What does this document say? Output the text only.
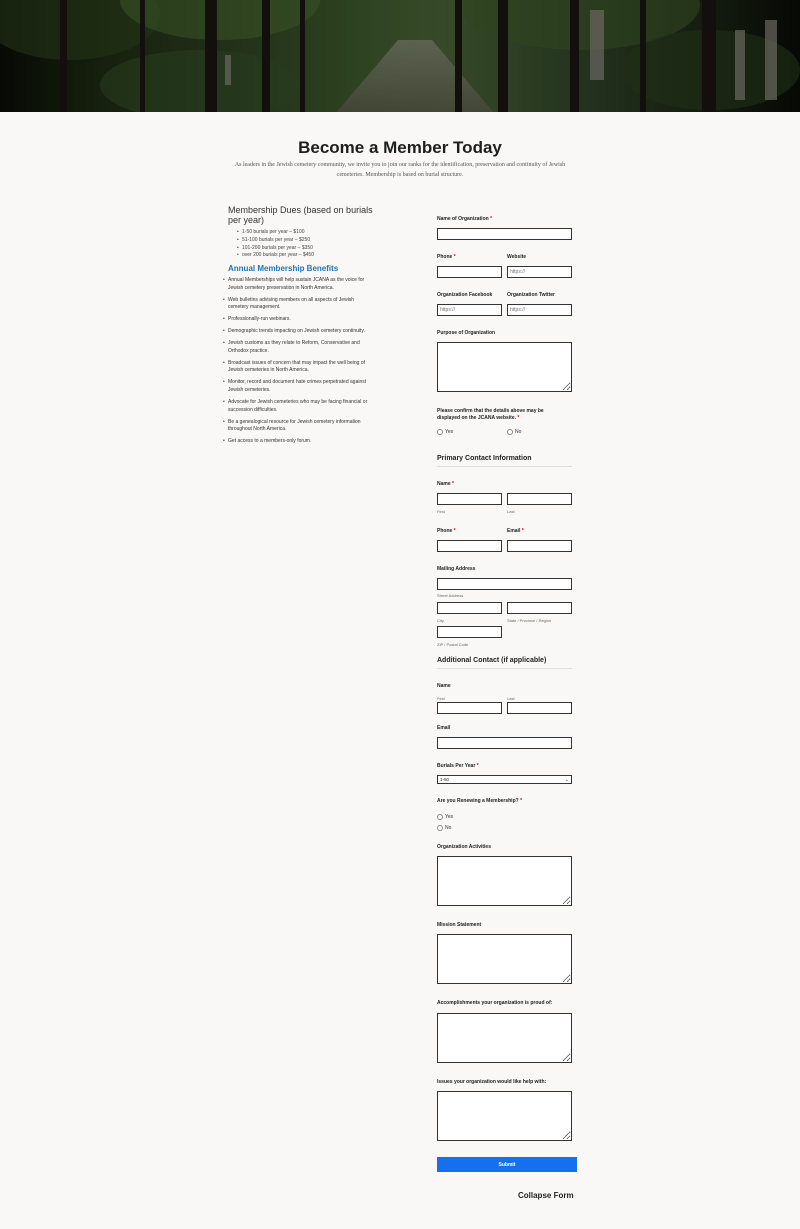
Become a Member Today
As leaders in the Jewish cemetery community, we invite you to join our ranks for the identification, preservation and continuity of Jewish cemeteries. Membership is based on burial structure.
Membership Dues (based on burials per year)
• 1-50 burials per year – $100
• 51-100 burials per year – $250
• 101-200 burials per year – $350
• over 200 burials per year – $450
Annual Membership Benefits
• Annual Memberships will help sustain JCANA as the voice for Jewish cemetery preservation in North America.
• Web bulletins advising members on all aspects of Jewish cemetery management.
• Professionally-run webinars.
• Demographic trends impacting on Jewish cemetery continuity.
• Jewish customs as they relate to Reform, Conservative and Orthodox practice.
• Broadcast issues of concern that may impact the well being of Jewish cemeteries in North America.
• Monitor, record and document hate crimes perpetrated against Jewish cemeteries.
• Advocate for Jewish cemeteries who may be facing financial or succession difficulties.
• Be a genealogical resource for Jewish cemetery information throughout North America.
• Get access to a members-only forum.
Name of Organization *
Phone *	Website
https://
Organization Facebook	Organization Twitter
https://
https://
Purpose of Organization
Please confirm that the details above may be displayed on the JCANA website. *
Yes	No
Primary Contact Information
Name *
First	Last
Phone *	Email *
Mailing Address
Street Address
City	State / Province / Region
ZIP / Postal Code
Additional Contact (if applicable)
Name
First	Last
Email
Burials Per Year *
1-50	⌄
Are you Renewing a Membership? *
Yes
No
Organization Activities
Mission Statement
Accomplishments your organization is proud of:
Issues your organization would like help with:
Submit
Collapse Form
